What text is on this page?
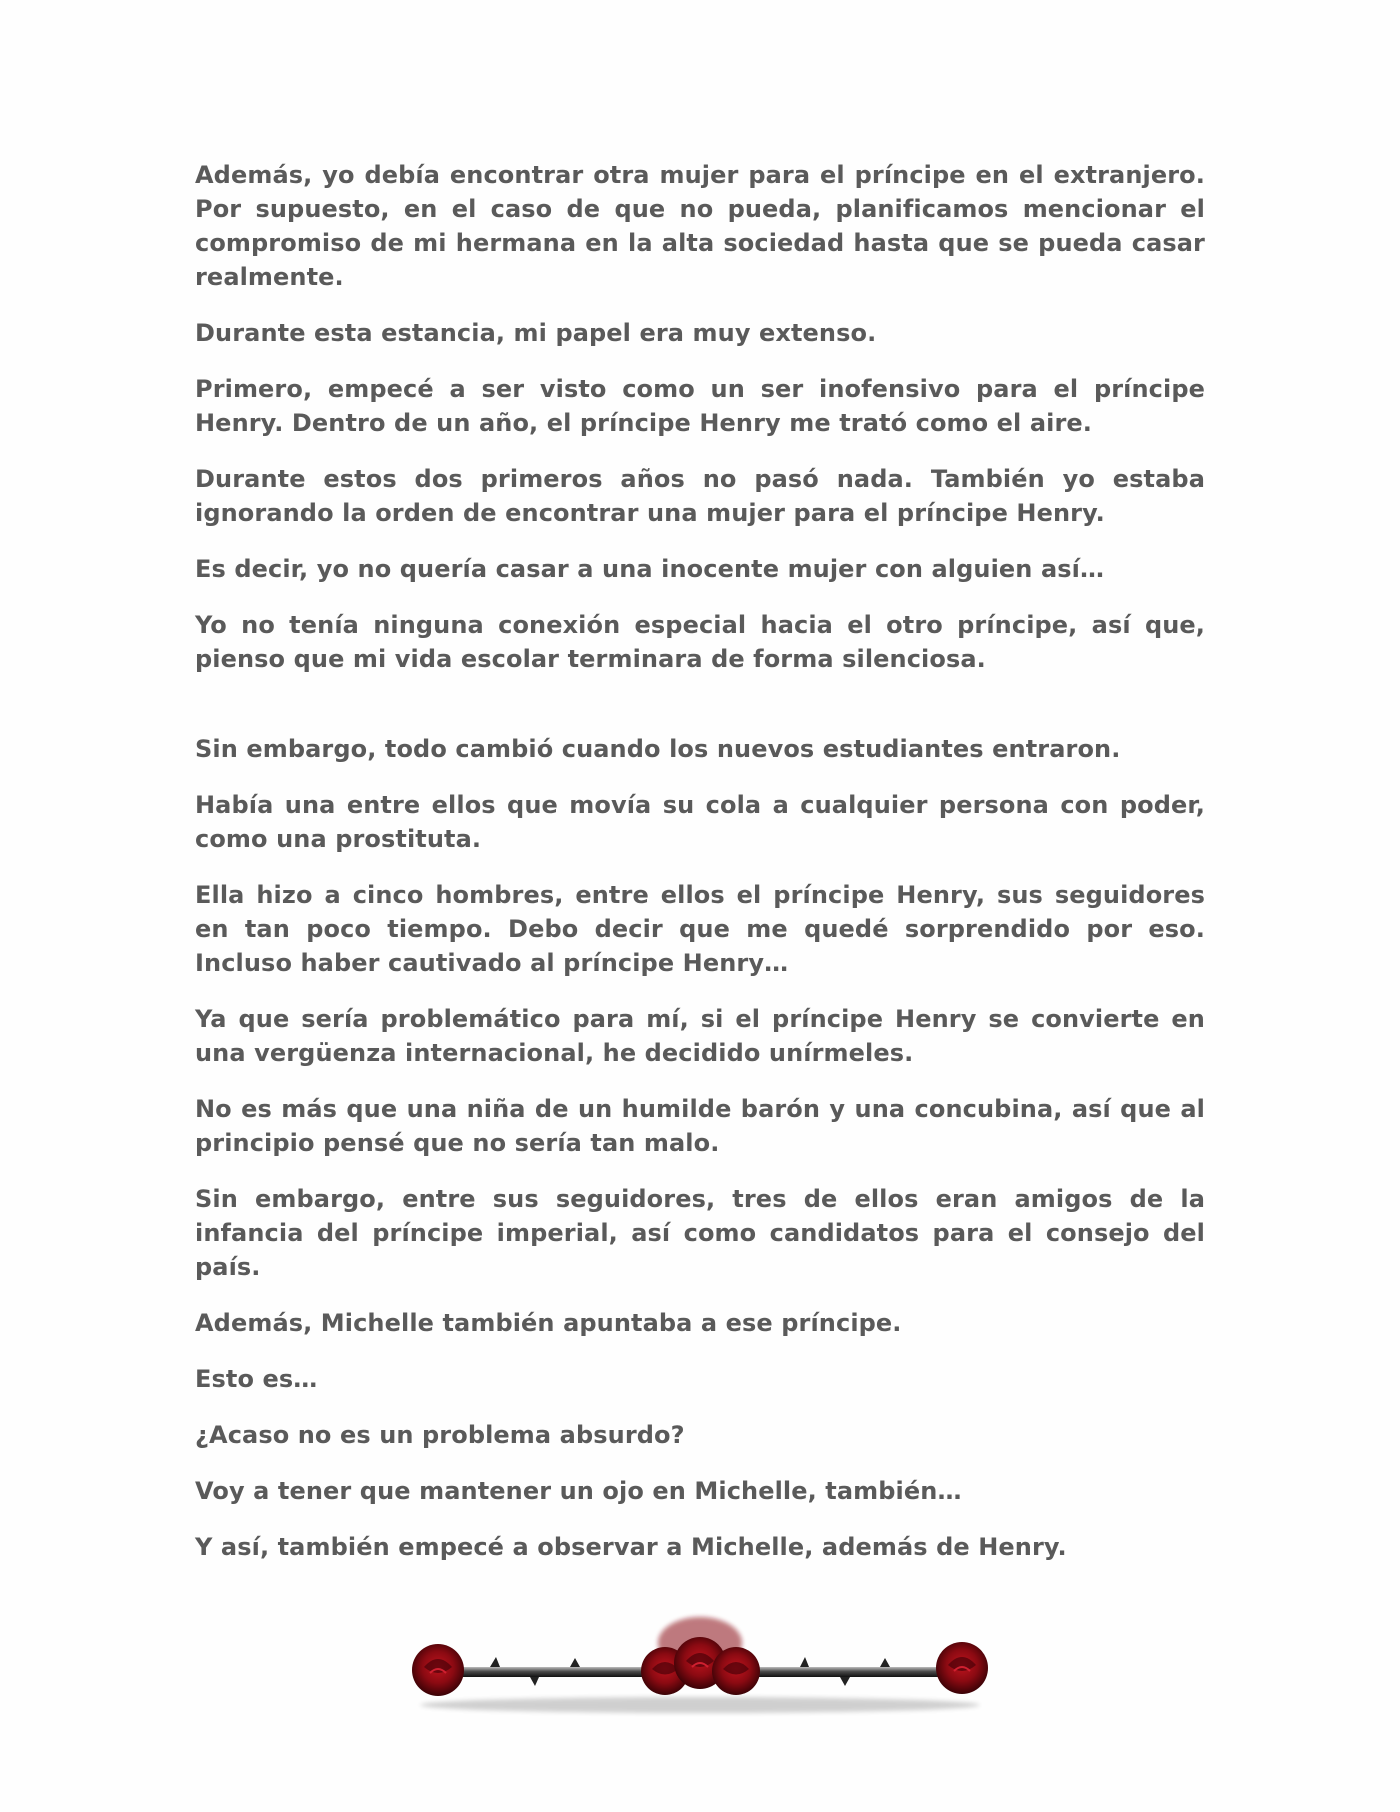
Además, yo debía encontrar otra mujer para el príncipe en el extranjero. Por supuesto, en el caso de que no pueda, planificamos mencionar el compromiso de mi hermana en la alta sociedad hasta que se pueda casar realmente.

Durante esta estancia, mi papel era muy extenso.

Primero, empecé a ser visto como un ser inofensivo para el príncipe Henry. Dentro de un año, el príncipe Henry me trató como el aire.

Durante estos dos primeros años no pasó nada. También yo estaba ignorando la orden de encontrar una mujer para el príncipe Henry.

Es decir, yo no quería casar a una inocente mujer con alguien así…

Yo no tenía ninguna conexión especial hacia el otro príncipe, así que, pienso que mi vida escolar terminara de forma silenciosa.

Sin embargo, todo cambió cuando los nuevos estudiantes entraron.

Había una entre ellos que movía su cola a cualquier persona con poder, como una prostituta.

Ella hizo a cinco hombres, entre ellos el príncipe Henry, sus seguidores en tan poco tiempo. Debo decir que me quedé sorprendido por eso. Incluso haber cautivado al príncipe Henry…

Ya que sería problemático para mí, si el príncipe Henry se convierte en una vergüenza internacional, he decidido unírmeles.

No es más que una niña de un humilde barón y una concubina, así que al principio pensé que no sería tan malo.

Sin embargo, entre sus seguidores, tres de ellos eran amigos de la infancia del príncipe imperial, así como candidatos para el consejo del país.

Además, Michelle también apuntaba a ese príncipe.

Esto es…

¿Acaso no es un problema absurdo?

Voy a tener que mantener un ojo en Michelle, también…

Y así, también empecé a observar a Michelle, además de Henry.
